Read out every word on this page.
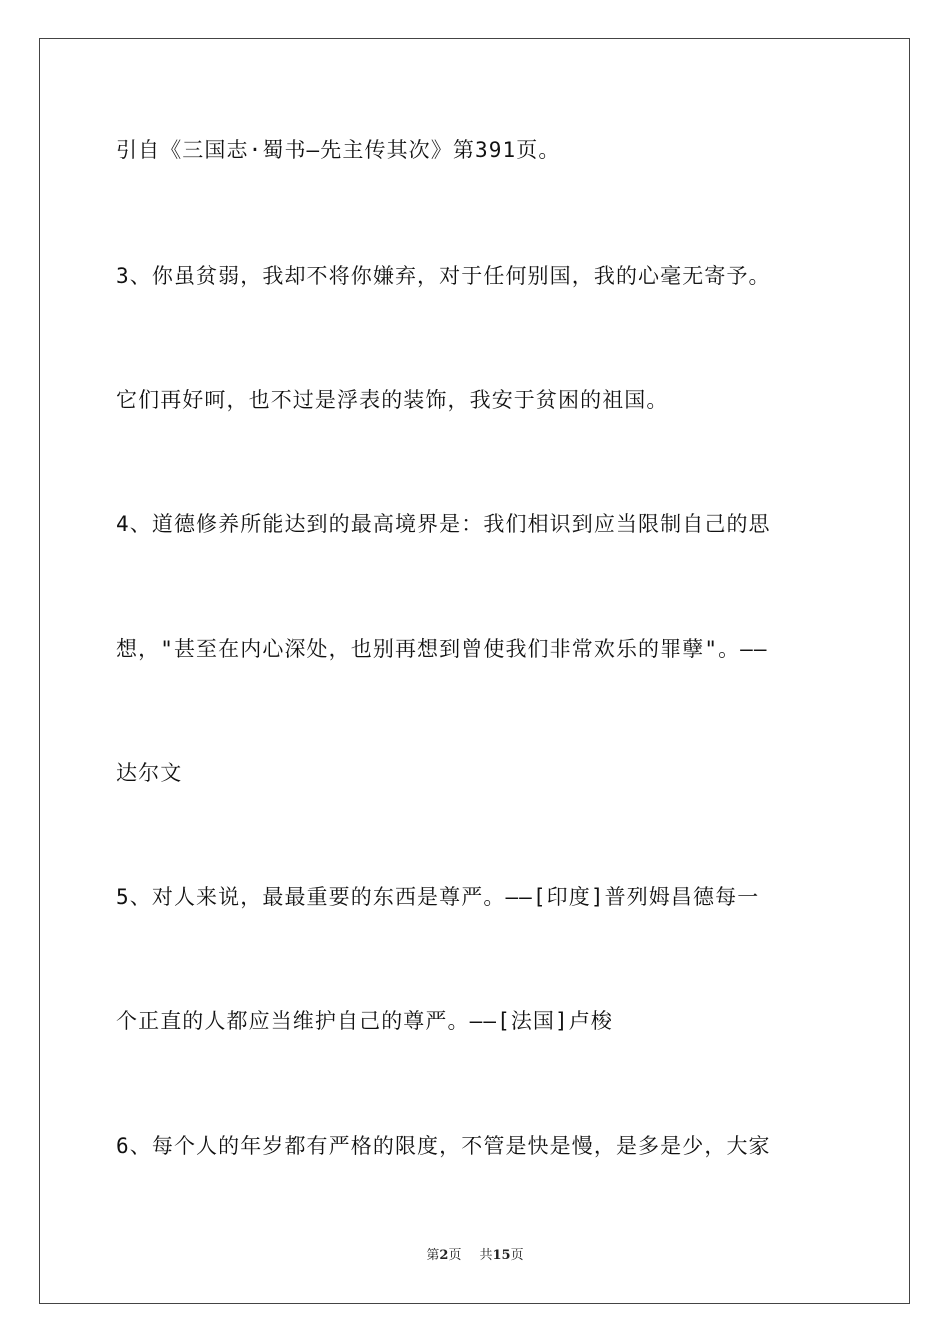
引自《三国志·蜀书—先主传其次》第391页。
3、你虽贫弱，我却不将你嫌弃，对于任何别国，我的心毫无寄予。
它们再好呵，也不过是浮表的装饰，我安于贫困的祖国。
4、道德修养所能达到的最高境界是：我们相识到应当限制自己的思
想，"甚至在内心深处，也别再想到曾使我们非常欢乐的罪孽"。——
达尔文
5、对人来说，最最重要的东西是尊严。——[印度]普列姆昌德每一
个正直的人都应当维护自己的尊严。——[法国]卢梭
6、每个人的年岁都有严格的限度，不管是快是慢，是多是少，大家
第2页 共15页
